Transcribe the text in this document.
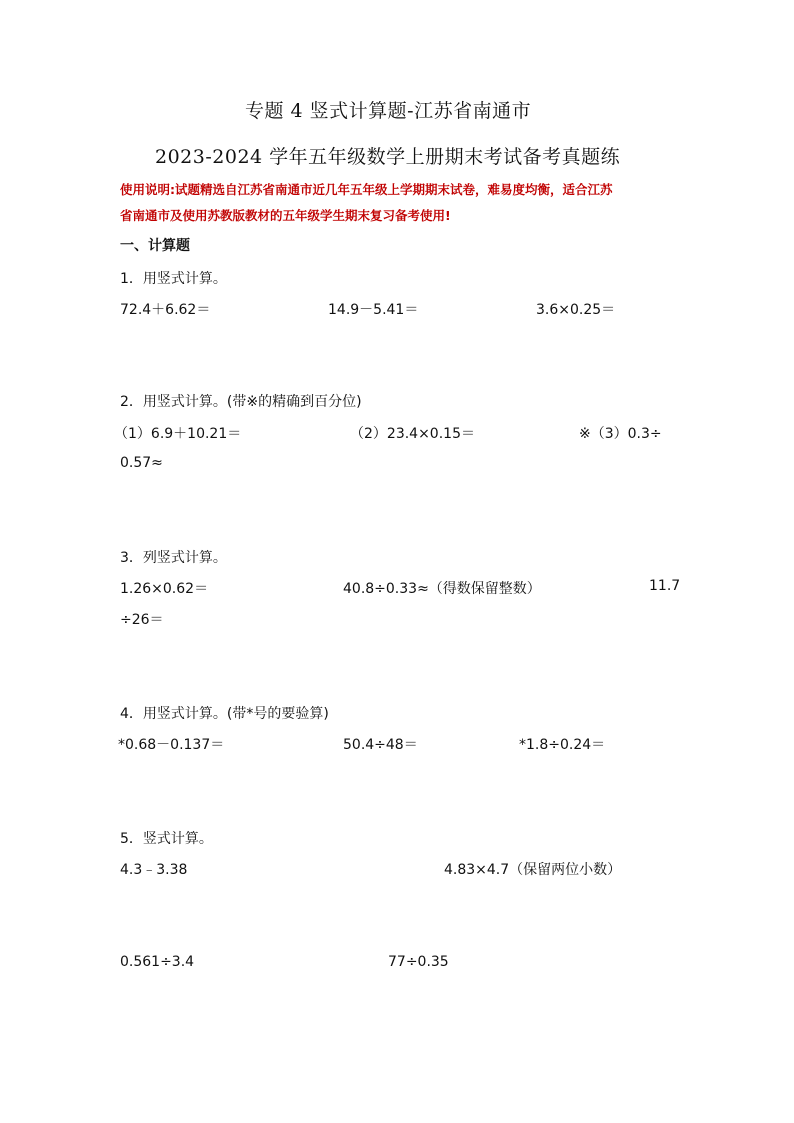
专题 4 竖式计算题-江苏省南通市
2023-2024 学年五年级数学上册期末考试备考真题练
使用说明:试题精选自江苏省南通市近几年五年级上学期期末试卷，难易度均衡，适合江苏
省南通市及使用苏教版教材的五年级学生期末复习备考使用!
一、计算题
1．用竖式计算。
72.4＋6.62＝	14.9－5.41＝	3.6×0.25＝
2．用竖式计算。(带※的精确到百分位)
（1）6.9＋10.21＝	（2）23.4×0.15＝	※（3）0.3÷
0.57≈
3．列竖式计算。
1.26×0.62＝	40.8÷0.33≈（得数保留整数）	11.7
÷26＝
4．用竖式计算。(带*号的要验算)
*0.68－0.137＝	50.4÷48＝	*1.8÷0.24＝
5．竖式计算。
4.3﹣3.38	4.83×4.7（保留两位小数）
0.561÷3.4	77÷0.35
